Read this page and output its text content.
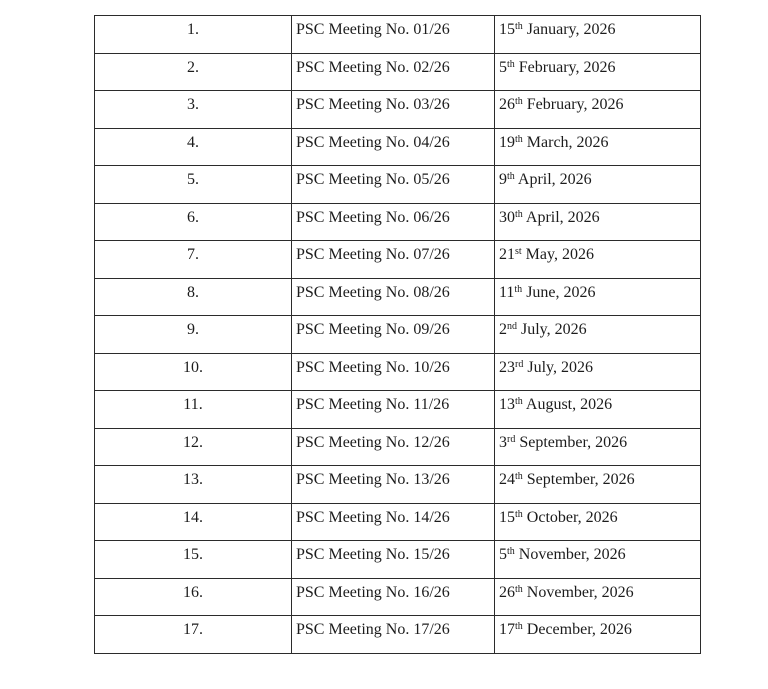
1.	PSC Meeting No. 01/26	15th January, 2026
2.	PSC Meeting No. 02/26	5th February, 2026
3.	PSC Meeting No. 03/26	26th February, 2026
4.	PSC Meeting No. 04/26	19th March, 2026
5.	PSC Meeting No. 05/26	9th April, 2026
6.	PSC Meeting No. 06/26	30th April, 2026
7.	PSC Meeting No. 07/26	21st May, 2026
8.	PSC Meeting No. 08/26	11th June, 2026
9.	PSC Meeting No. 09/26	2nd July, 2026
10.	PSC Meeting No. 10/26	23rd July, 2026
11.	PSC Meeting No. 11/26	13th August, 2026
12.	PSC Meeting No. 12/26	3rd September, 2026
13.	PSC Meeting No. 13/26	24th September, 2026
14.	PSC Meeting No. 14/26	15th October, 2026
15.	PSC Meeting No. 15/26	5th November, 2026
16.	PSC Meeting No. 16/26	26th November, 2026
17.	PSC Meeting No. 17/26	17th December, 2026
